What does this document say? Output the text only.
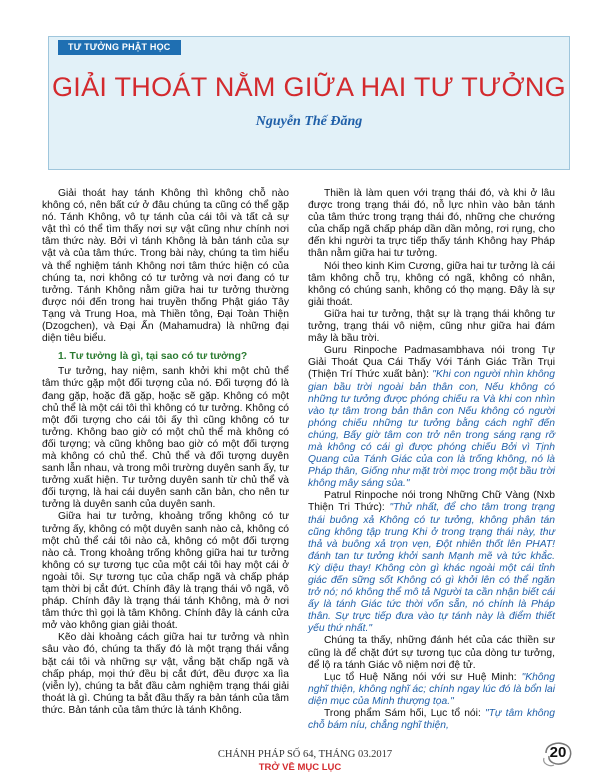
TƯ TƯỞNG PHẬT HỌC
GIẢI THOÁT NẰM GIỮA HAI TƯ TƯỞNG
Nguyễn Thế Đăng

Giải thoát hay tánh Không thì không chỗ nào không có, nên bất cứ ở đâu chúng ta cũng có thể gặp nó. Tánh Không, vô tự tánh của cái tôi và tất cả sự vật thì có thể tìm thấy nơi sự vật cũng như chính nơi tâm thức này. Bởi vì tánh Không là bản tánh của sự vật và của tâm thức. Trong bài này, chúng ta tìm hiểu và thể nghiệm tánh Không nơi tâm thức hiện có của chúng ta, nơi không có tư tưởng và nơi đang có tư tưởng. Tánh Không nằm giữa hai tư tưởng thường được nói đến trong hai truyền thống Phật giáo Tây Tạng và Trung Hoa, mà Thiền tông, Đại Toàn Thiện (Dzogchen), và Đại Ấn (Mahamudra) là những đại diện tiêu biểu.

1. Tư tưởng là gì, tại sao có tư tưởng?

Tư tưởng, hay niệm, sanh khởi khi một chủ thể tâm thức gặp một đối tượng của nó. Đối tượng đó là đang gặp, hoặc đã gặp, hoặc sẽ gặp. Không có một chủ thể là một cái tôi thì không có tư tưởng. Không có một đối tượng cho cái tôi ấy thì cũng không có tư tưởng. Không bao giờ có một chủ thể mà không có đối tượng; và cũng không bao giờ có một đối tượng mà không có chủ thể. Chủ thể và đối tượng duyên sanh lẫn nhau, và trong môi trường duyên sanh ấy, tư tưởng xuất hiện. Tư tưởng duyên sanh từ chủ thể và đối tượng, là hai cái duyên sanh căn bản, cho nên tư tưởng là duyên sanh của duyên sanh.

Giữa hai tư tưởng, khoảng trống không có tư tưởng ấy, không có một duyên sanh nào cả, không có một chủ thể cái tôi nào cả, không có một đối tượng nào cả. Trong khoảng trống không giữa hai tư tưởng không có sự tương tục của một cái tôi hay một cái ở ngoài tôi. Sự tương tục của chấp ngã và chấp pháp tạm thời bị cắt đứt. Chính đây là trạng thái vô ngã, vô pháp. Chính đây là trạng thái tánh Không, mà ở nơi tâm thức thì gọi là tâm Không. Chính đây là cánh cửa mở vào không gian giải thoát.

Kẽo dài khoảng cách giữa hai tư tưởng và nhìn sâu vào đó, chúng ta thấy đó là một trạng thái vắng bặt cái tôi và những sự vật, vắng bặt chấp ngã và chấp pháp, mọi thứ đều bị cắt đứt, đều được xa lìa (viễn ly), chúng ta bắt đầu cảm nghiệm trạng thái giải thoát là gì. Chúng ta bắt đầu thấy ra bản tánh của tâm thức. Bản tánh của tâm thức là tánh Không.

Thiền là làm quen với trạng thái đó, và khi ở lâu được trong trạng thái đó, nỗ lực nhìn vào bản tánh của tâm thức trong trạng thái đó, những che chướng của chấp ngã chấp pháp dần dần mỏng, rơi rụng, cho đến khi người ta trực tiếp thấy tánh Không hay Pháp thân nằm giữa hai tư tưởng.

Nói theo kinh Kim Cương, giữa hai tư tưởng là cái tâm không chỗ trụ, không có ngã, không có nhân, không có chúng sanh, không có thọ mạng. Đây là sự giải thoát.

Giữa hai tư tưởng, thật sự là trạng thái không tư tưởng, trạng thái vô niệm, cũng như giữa hai đám mây là bầu trời.

Guru Rinpoche Padmasambhava nói trong Tự Giải Thoát Qua Cái Thấy Với Tánh Giác Trần Trụi (Thiện Trí Thức xuất bản): "Khi con người nhìn không gian bầu trời ngoài bản thân con, Nếu không có những tư tưởng được phóng chiếu ra Và khi con nhìn vào tự tâm trong bản thân con Nếu không có người phóng chiếu những tư tưởng bằng cách nghĩ đến chúng, Bấy giờ tâm con trở nên trong sáng rạng rỡ mà không có cái gì được phóng chiếu Bởi vì Tịnh Quang của Tánh Giác của con là trống không, nó là Pháp thân, Giống như mặt trời mọc trong một bầu trời không mây sáng sủa."

Patrul Rinpoche nói trong Những Chữ Vàng (Nxb Thiện Tri Thức): "Thử nhất, để cho tâm trong trạng thái buông xả Không có tư tưởng, không phân tán cũng không tập trung Khi ở trong trạng thái này, thư thả và buông xả trọn vẹn, Đột nhiên thốt lên PHAT! đánh tan tư tưởng khởi sanh Mạnh mẽ và tức khắc. Kỳ diệu thay! Không còn gì khác ngoài một cái tỉnh giác đến sững sốt Không có gì khởi lên có thể ngăn trở nó; nó không thể mô tả Người ta cần nhận biết cái ấy là tánh Giác tức thời vốn sẵn, nó chính là Pháp thân. Sự trực tiếp đưa vào tự tánh này là điểm thiết yếu thứ nhất."

Chúng ta thấy, những đánh hét của các thiền sư cũng là để chặt đứt sự tương tục của dòng tư tưởng, để lộ ra tánh Giác vô niệm nơi đệ tử.

Lục tổ Huệ Năng nói với sư Huệ Minh: "Không nghĩ thiện, không nghĩ ác; chính ngay lúc đó là bổn lai diện mục của Minh thượng tọa."

Trong phẩm Sám hối, Lục tổ nói: "Tự tâm không chỗ bám níu, chẳng nghĩ thiện,

CHÁNH PHÁP SỐ 64, THÁNG 03.2017	20
TRỞ VỀ MỤC LỤC
